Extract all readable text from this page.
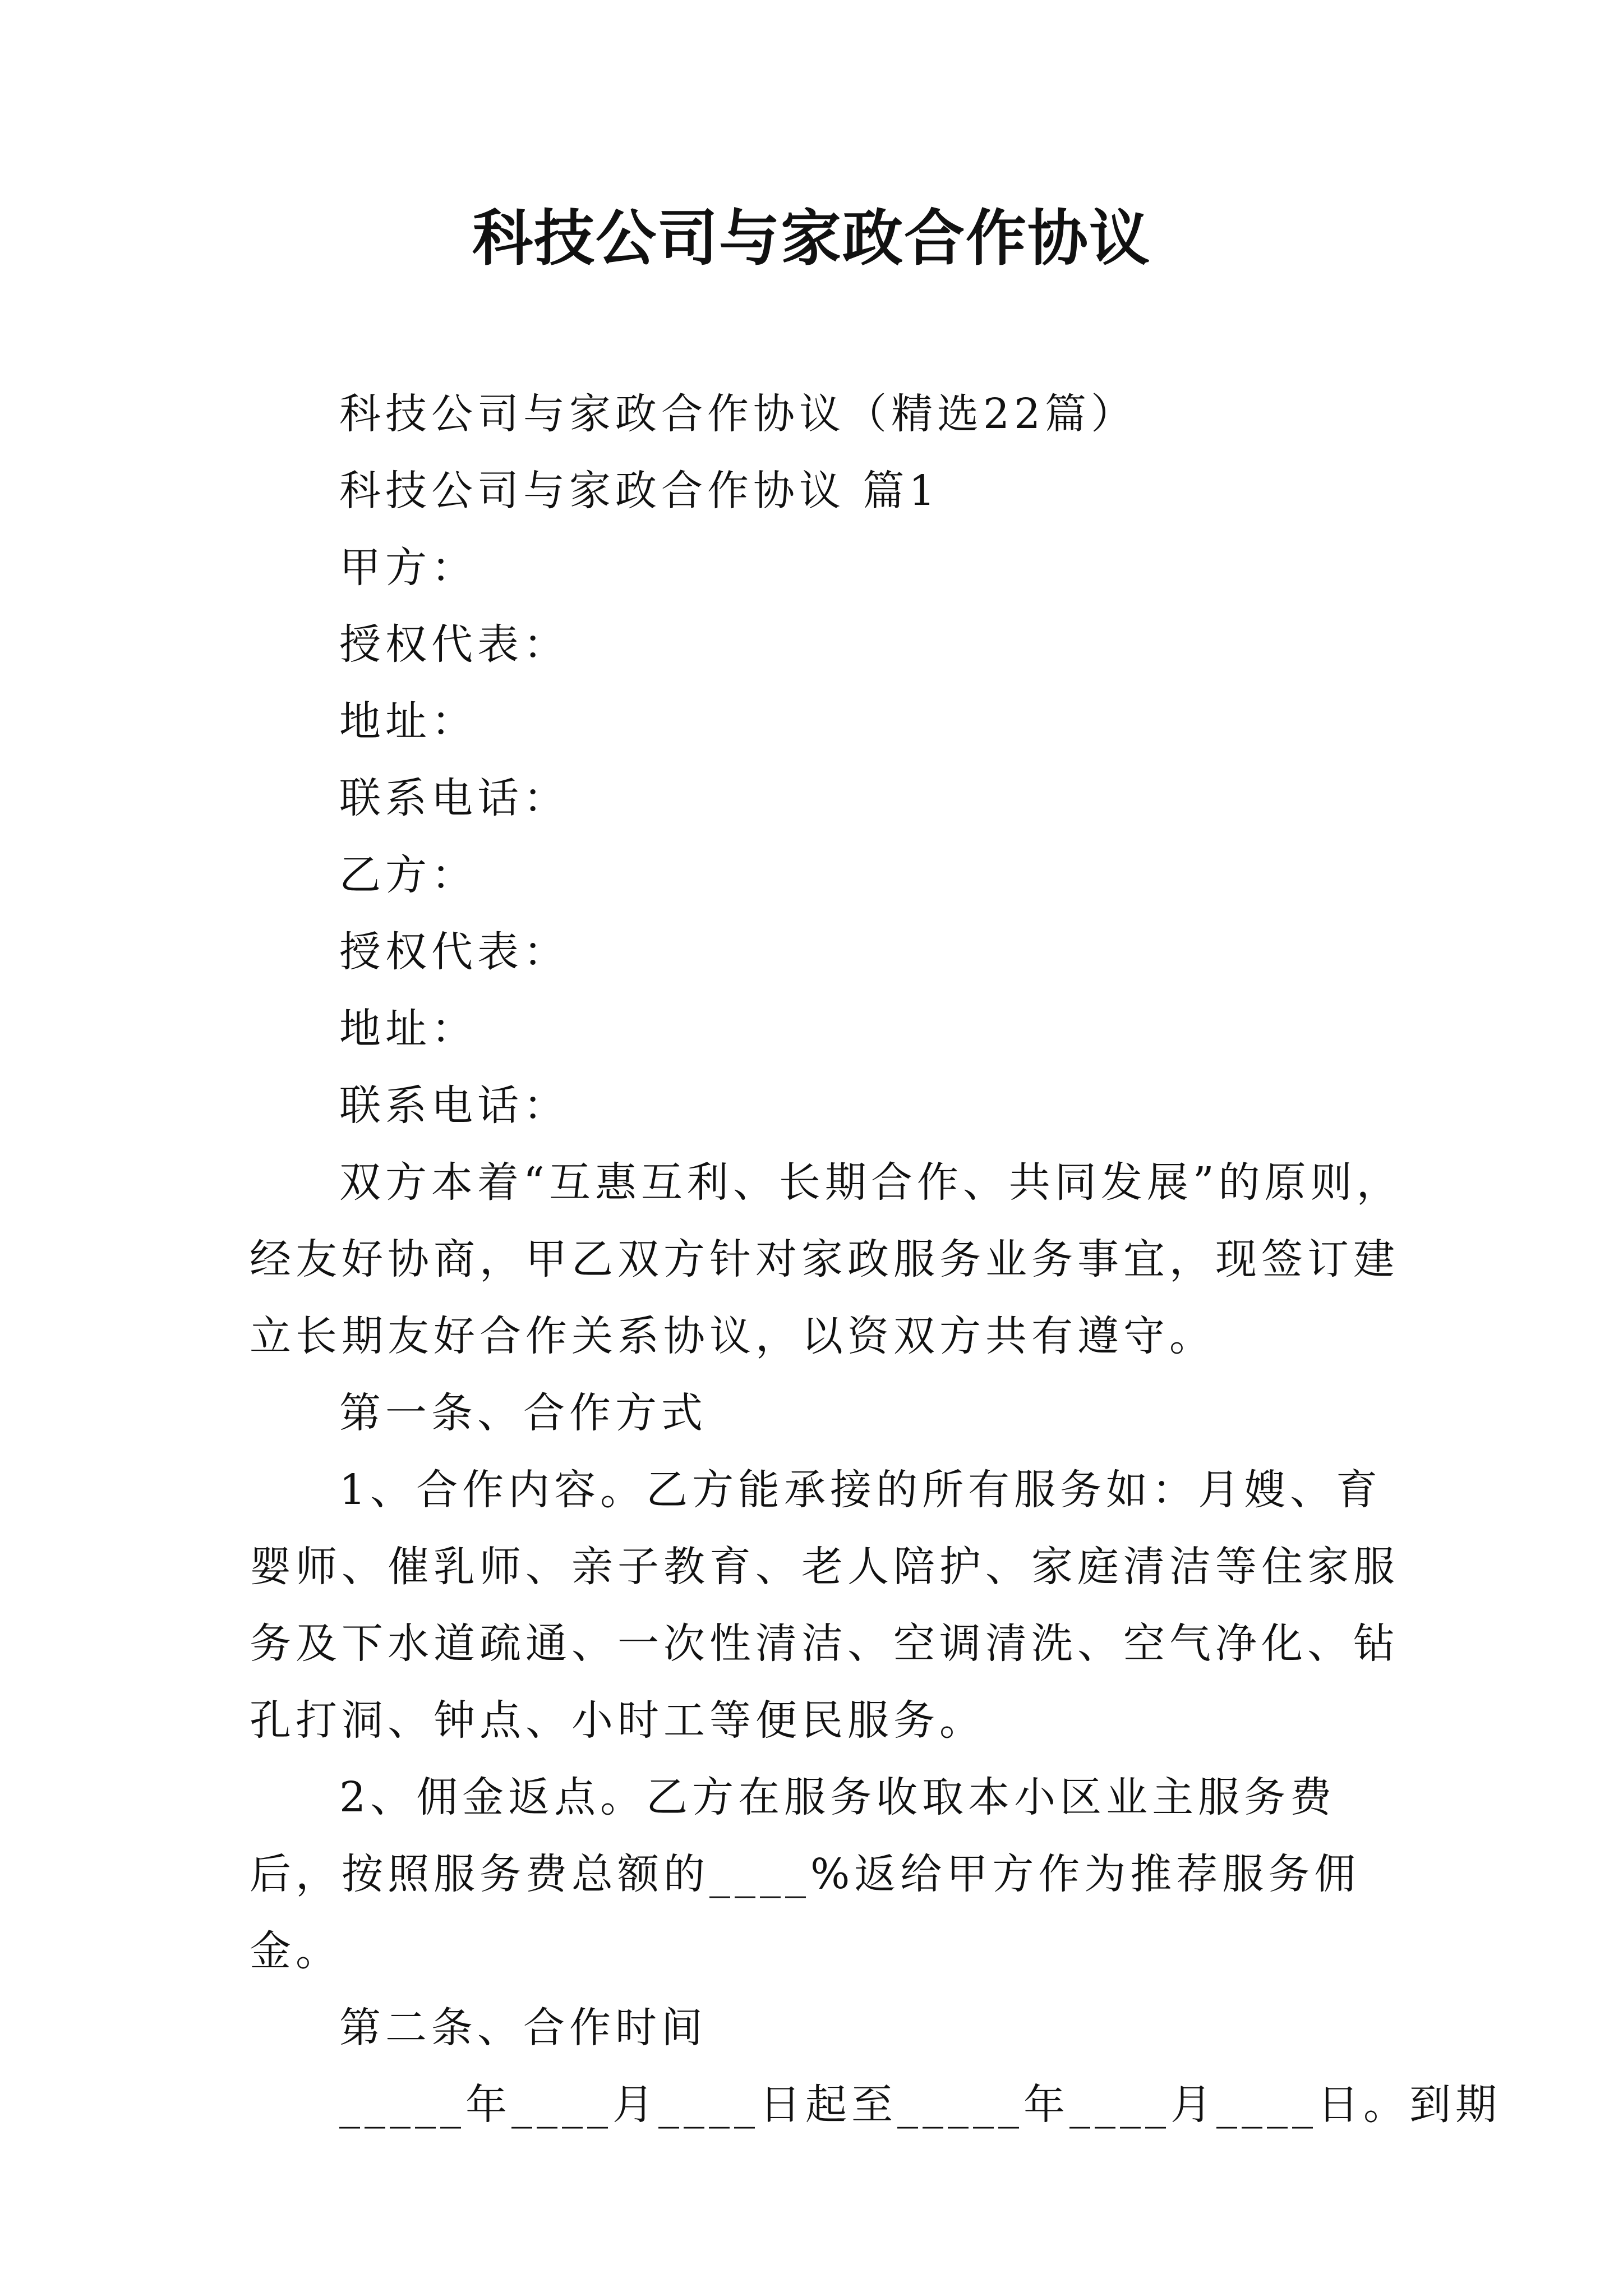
科技公司与家政合作协议
科技公司与家政合作协议（精选22篇）
科技公司与家政合作协议 篇1
甲方：
授权代表：
地址：
联系电话：
乙方：
授权代表：
地址：
联系电话：
双方本着“互惠互利、长期合作、共同发展”的原则，经友好协商，甲乙双方针对家政服务业务事宜，现签订建立长期友好合作关系协议，以资双方共有遵守。
第一条、合作方式
1、合作内容。乙方能承接的所有服务如：月嫂、育婴师、催乳师、亲子教育、老人陪护、家庭清洁等住家服务及下水道疏通、一次性清洁、空调清洗、空气净化、钻孔打洞、钟点、小时工等便民服务。
2、佣金返点。乙方在服务收取本小区业主服务费后，按照服务费总额的____%返给甲方作为推荐服务佣金。
第二条、合作时间
_____年____月____日起至_____年____月____日。到期
